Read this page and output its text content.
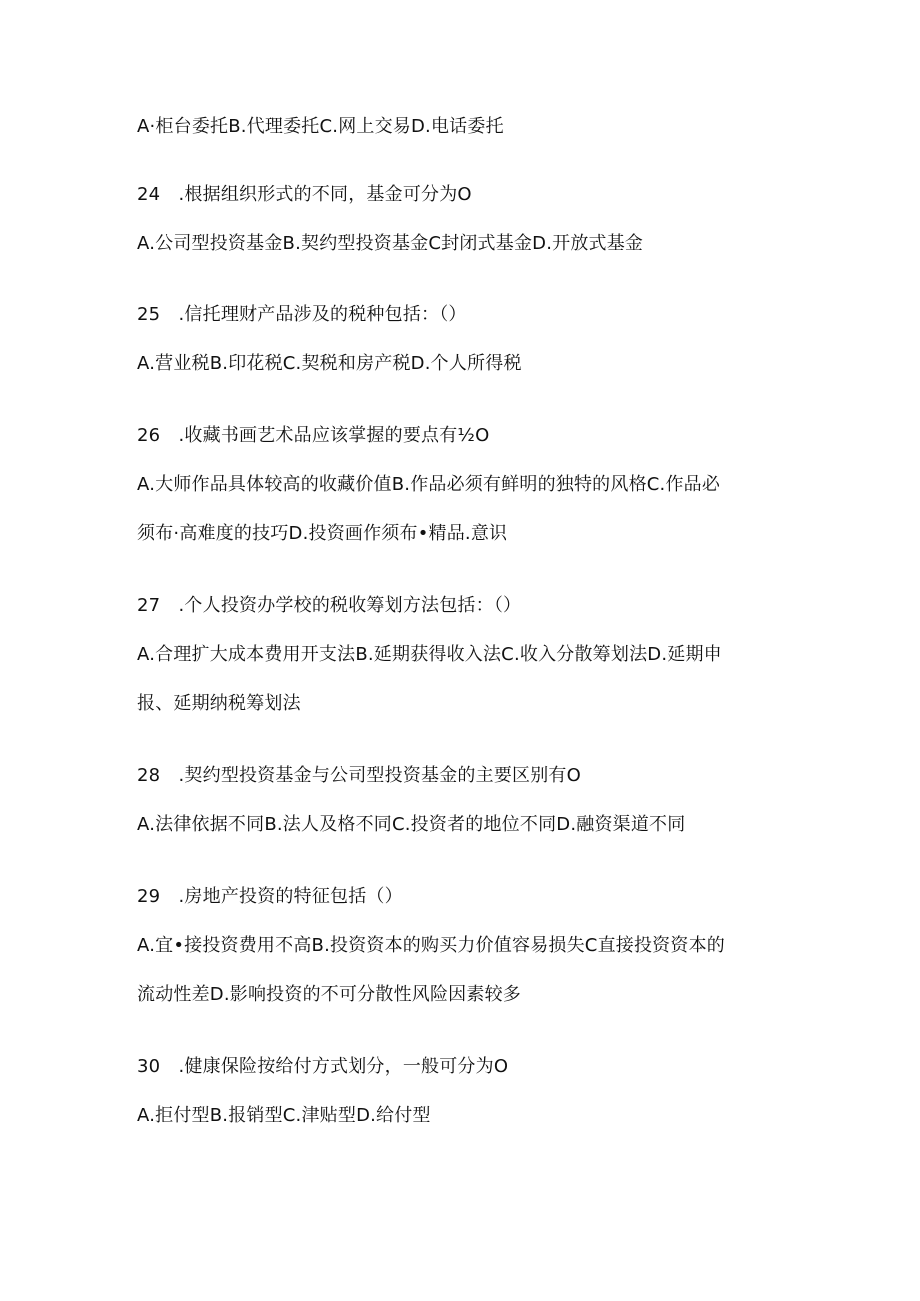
A·柜台委托B.代理委托C.网上交易D.电话委托
24　.根据组织形式的不同，基金可分为O
A.公司型投资基金B.契约型投资基金C封闭式基金D.开放式基金
25　.信托理财产品涉及的税种包括：（）
A.营业税B.印花税C.契税和房产税D.个人所得税
26　.收藏书画艺术品应该掌握的要点有½O
A.大师作品具体较高的收藏价值B.作品必须有鲜明的独特的风格C.作品必
须布·高难度的技巧D.投资画作须布•精品.意识
27　.个人投资办学校的税收筹划方法包括：（）
A.合理扩大成本费用开支法B.延期获得收入法C.收入分散筹划法D.延期申
报、延期纳税筹划法
28　.契约型投资基金与公司型投资基金的主要区别有O
A.法律依据不同B.法人及格不同C.投资者的地位不同D.融资渠道不同
29　.房地产投资的特征包括（）
A.宜•接投资费用不高B.投资资本的购买力价值容易损失C直接投资资本的
流动性差D.影响投资的不可分散性风险因素较多
30　.健康保险按给付方式划分，一般可分为O
A.拒付型B.报销型C.津贴型D.给付型
